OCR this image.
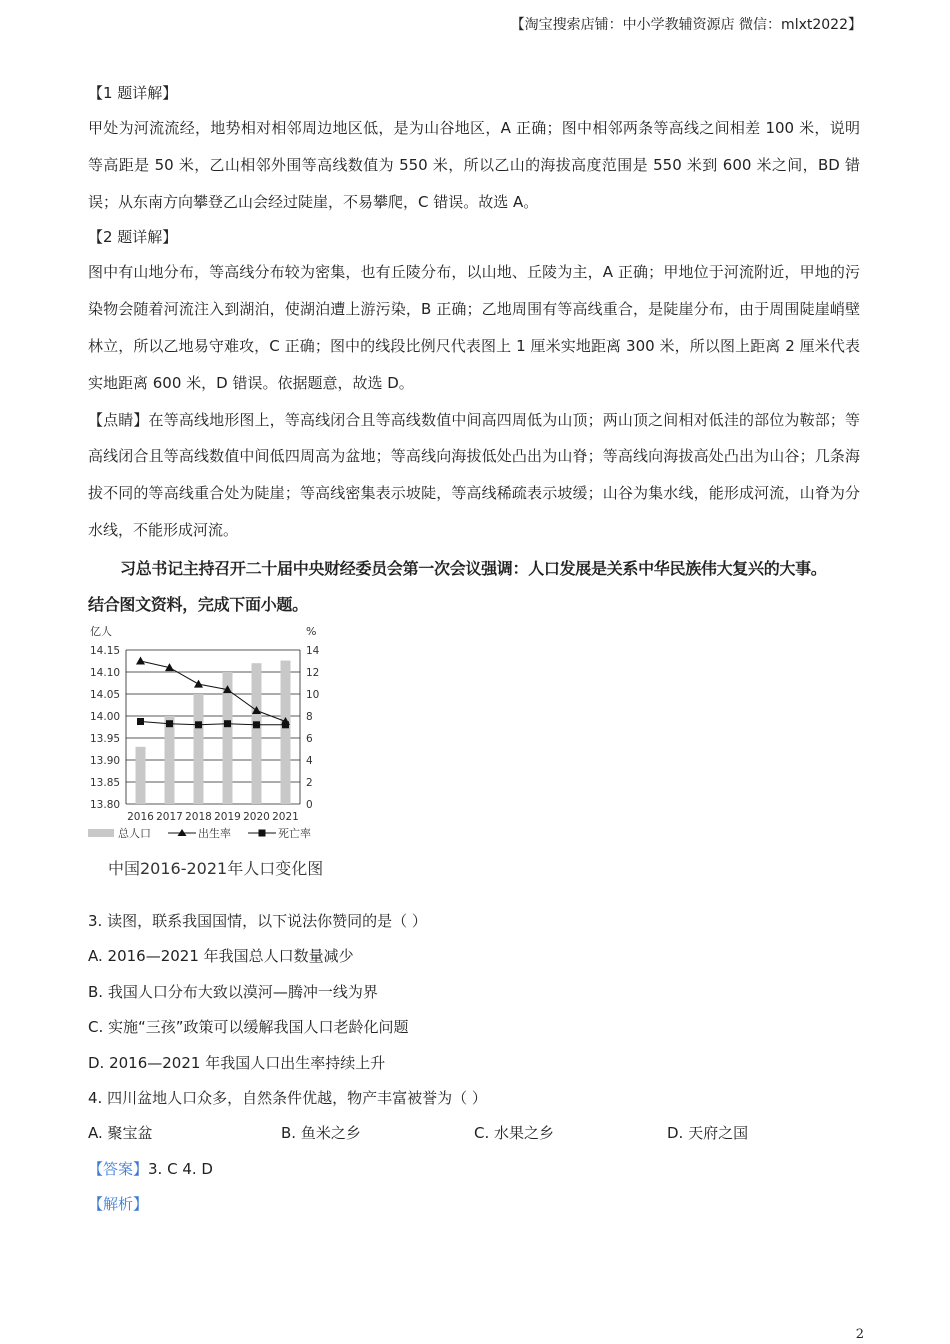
【淘宝搜索店铺：中小学教辅资源店 微信：mlxt2022】
【1 题详解】

甲处为河流流经，地势相对相邻周边地区低，是为山谷地区，A 正确；图中相邻两条等高线之间相差 100 米，说明等高距是 50 米，乙山相邻外围等高线数值为 550 米，所以乙山的海拔高度范围是 550 米到 600 米之间，BD 错误；从东南方向攀登乙山会经过陡崖，不易攀爬，C 错误。故选 A。

【2 题详解】

图中有山地分布，等高线分布较为密集，也有丘陵分布，以山地、丘陵为主，A 正确；甲地位于河流附近，甲地的污染物会随着河流注入到湖泊，使湖泊遭上游污染，B 正确；乙地周围有等高线重合，是陡崖分布，由于周围陡崖峭壁林立，所以乙地易守难攻，C 正确；图中的线段比例尺代表图上 1 厘米实地距离 300 米，所以图上距离 2 厘米代表实地距离 600 米，D 错误。依据题意，故选 D。

【点睛】在等高线地形图上，等高线闭合且等高线数值中间高四周低为山顶；两山顶之间相对低洼的部位为鞍部；等高线闭合且等高线数值中间低四周高为盆地；等高线向海拔低处凸出为山脊；等高线向海拔高处凸出为山谷；几条海拔不同的等高线重合处为陡崖；等高线密集表示坡陡，等高线稀疏表示坡缓；山谷为集水线，能形成河流，山脊为分水线，不能形成河流。

习总书记主持召开二十届中央财经委员会第一次会议强调：人口发展是关系中华民族伟大复兴的大事。

结合图文资料，完成下面小题。

亿人	%
13.80	0
13.85	2
13.90	4
13.95	6
14.00	8
14.05	10
14.10	12
14.15	14
2016 2017 2018 2019 2020 2021
总人口	出生率	死亡率
中国2016-2021年人口变化图

3. 读图，联系我国国情，以下说法你赞同的是（ ）

A. 2016—2021 年我国总人口数量减少

B. 我国人口分布大致以漠河—腾冲一线为界

C. 实施“三孩”政策可以缓解我国人口老龄化问题

D. 2016—2021 年我国人口出生率持续上升

4. 四川盆地人口众多，自然条件优越，物产丰富被誉为（ ）

A. 聚宝盆	B. 鱼米之乡	C. 水果之乡	D. 天府之国

【答案】3. C 4. D

【解析】

2
